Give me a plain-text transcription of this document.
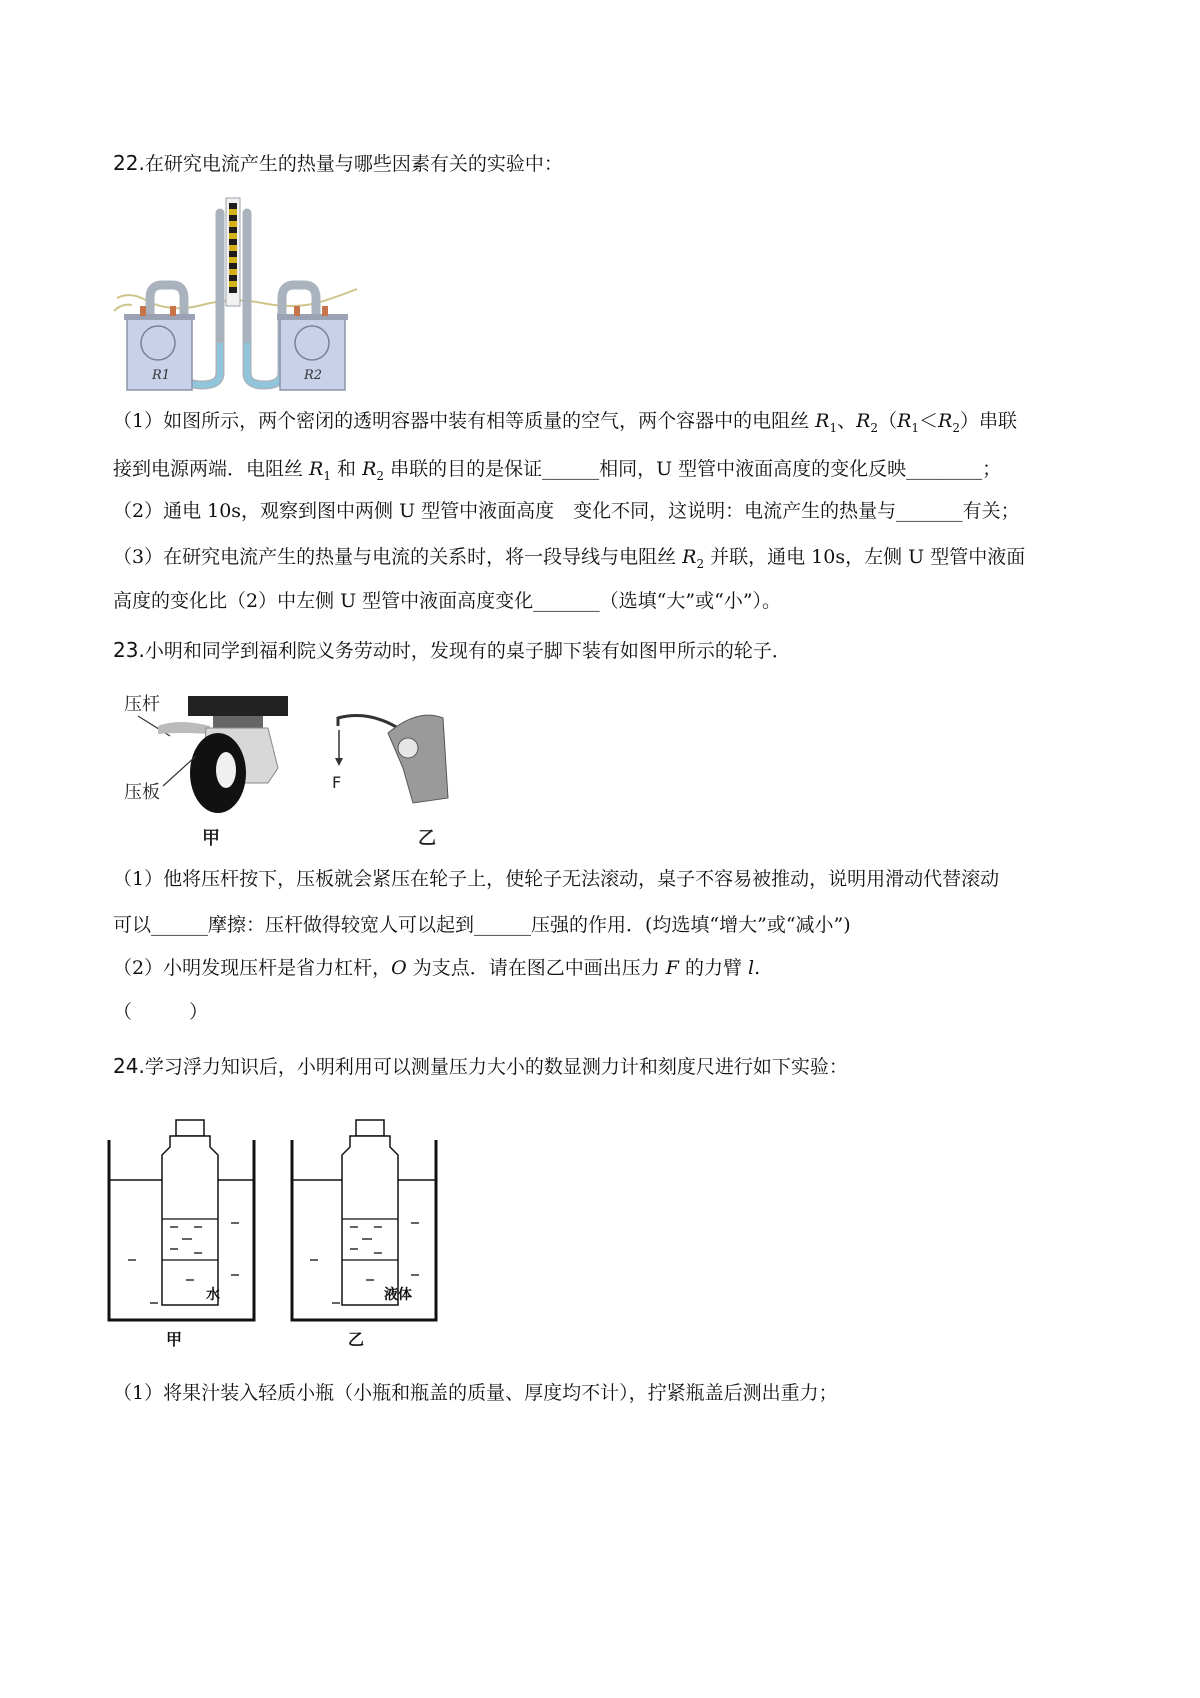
22.在研究电流产生的热量与哪些因素有关的实验中：
R1	R2
（1）如图所示，两个密闭的透明容器中装有相等质量的空气，两个容器中的电阻丝 $R_1$、$R_2(R_1<R_2)$串联
接到电源两端．电阻丝 $R_1$ 和 $R_2$ 串联的目的是保证______相同，U 型管中液面高度的变化反映________；
（2）通电 10s，观察到图中两侧 U 型管中液面高度　变化不同，这说明：电流产生的热量与_______有关；
（3）在研究电流产生的热量与电流的关系时，将一段导线与电阻丝 $R_2$ 并联，通电 10s，左侧 U 型管中液面
高度的变化比（2）中左侧 U 型管中液面高度变化_______（选填“大”或“小”）。
23.小明和同学到福利院义务劳动时，发现有的桌子脚下装有如图甲所示的轮子．
压杆
压板
甲
F
乙
（1）他将压杆按下，压板就会紧压在轮子上，使轮子无法滚动，桌子不容易被推动，说明用滑动代替滚动
可以______摩擦：压杆做得较宽人可以起到______压强的作用．(均选填“增大”或“减小”)
（2）小明发现压杆是省力杠杆，O 为支点．请在图乙中画出压力 F 的力臂 l.
（　　　）
24.学习浮力知识后，小明利用可以测量压力大小的数显测力计和刻度尺进行如下实验：
水
甲
液体
乙
（1）将果汁装入轻质小瓶（小瓶和瓶盖的质量、厚度均不计），拧紧瓶盖后测出重力；
